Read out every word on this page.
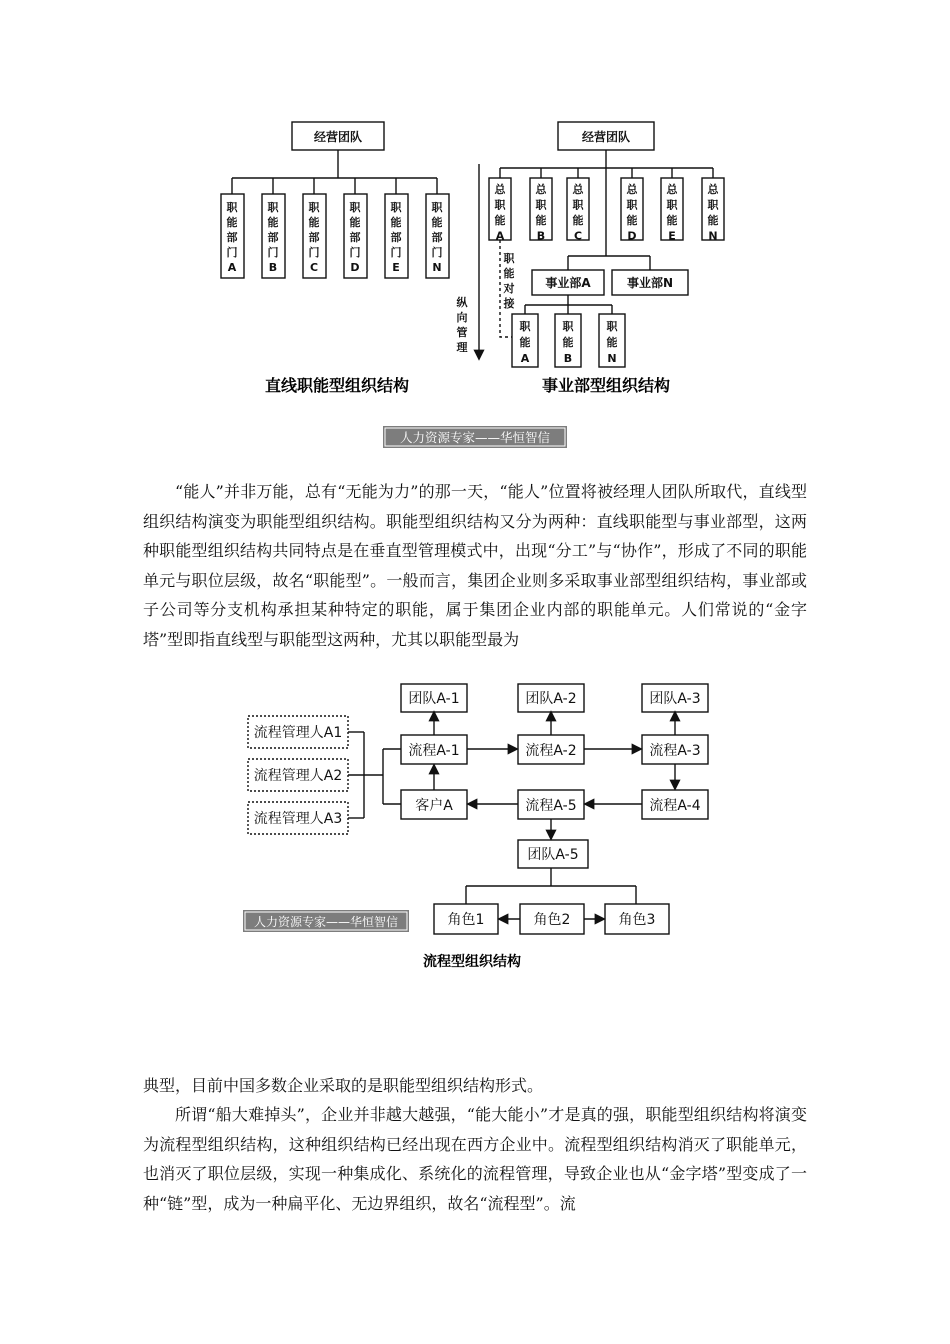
经营团队	经营团队
事业部A	事业部N
职能部门 A
职能部门 B
职能部门 C
职能部门 D
职能部门 E
职能部门 N
总职能 A
总职能 B
总职能 C
总职能 D
总职能 E
总职能 N
职能 A
职能 B
职能 N
职能对接
纵向管理
直线职能型组织结构	事业部型组织结构
人力资源专家——华恒智信

“能人”并非万能，总有“无能为力”的那一天，“能人”位置将被经理人团队所取代，直线型组织结构演变为职能型组织结构。职能型组织结构又分为两种：直线职能型与事业部型，这两种职能型组织结构共同特点是在垂直型管理模式中，出现“分工”与“协作”，形成了不同的职能单元与职位层级，故名“职能型”。一般而言，集团企业则多采取事业部型组织结构，事业部或子公司等分支机构承担某种特定的职能，属于集团企业内部的职能单元。人们常说的“金字塔”型即指直线型与职能型这两种，尤其以职能型最为

流程管理人A1
流程管理人A2
流程管理人A3
团队A-1	团队A-2	团队A-3
流程A-1	流程A-2	流程A-3
流程A-4
流程A-5
客户A
团队A-5
角色1	角色2	角色3
人力资源专家——华恒智信
流程型组织结构

典型，目前中国多数企业采取的是职能型组织结构形式。

所谓“船大难掉头”，企业并非越大越强，“能大能小”才是真的强，职能型组织结构将演变为流程型组织结构，这种组织结构已经出现在西方企业中。流程型组织结构消灭了职能单元，也消灭了职位层级，实现一种集成化、系统化的流程管理，导致企业也从“金字塔”型变成了一种“链”型，成为一种扁平化、无边界组织，故名“流程型”。流
